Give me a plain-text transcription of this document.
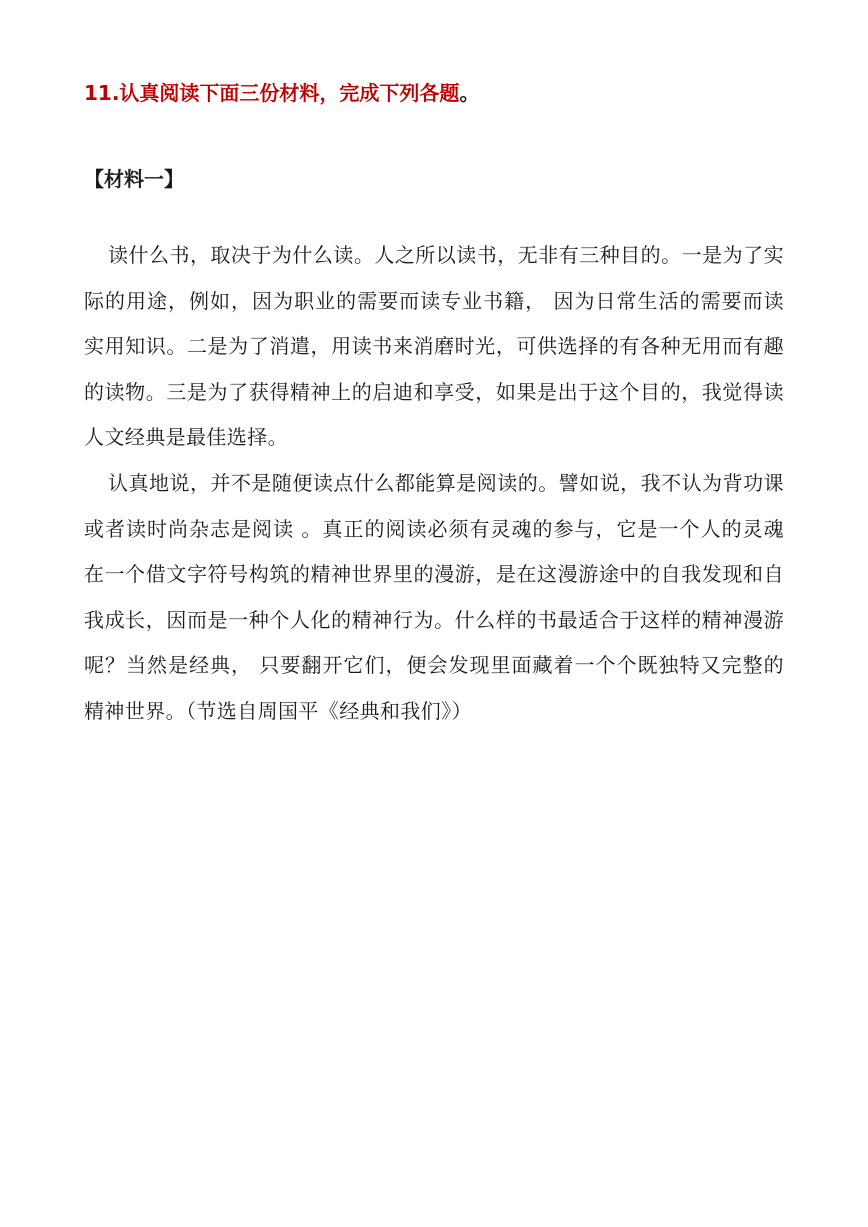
11.认真阅读下面三份材料，完成下列各题。
【材料一】

读什么书，取决于为什么读。人之所以读书，无非有三种目的。一是为了实际的用途，例如，因为职业的需要而读专业书籍， 因为日常生活的需要而读实用知识。二是为了消遣，用读书来消磨时光，可供选择的有各种无用而有趣的读物。三是为了获得精神上的启迪和享受，如果是出于这个目的，我觉得读人文经典是最佳选择。

认真地说，并不是随便读点什么都能算是阅读的。譬如说，我不认为背功课或者读时尚杂志是阅读 。真正的阅读必须有灵魂的参与，它是一个人的灵魂在一个借文字符号构筑的精神世界里的漫游，是在这漫游途中的自我发现和自我成长，因而是一种个人化的精神行为。什么样的书最适合于这样的精神漫游呢？当然是经典， 只要翻开它们，便会发现里面藏着一个个既独特又完整的精神世界。（节选自周国平《经典和我们》）
